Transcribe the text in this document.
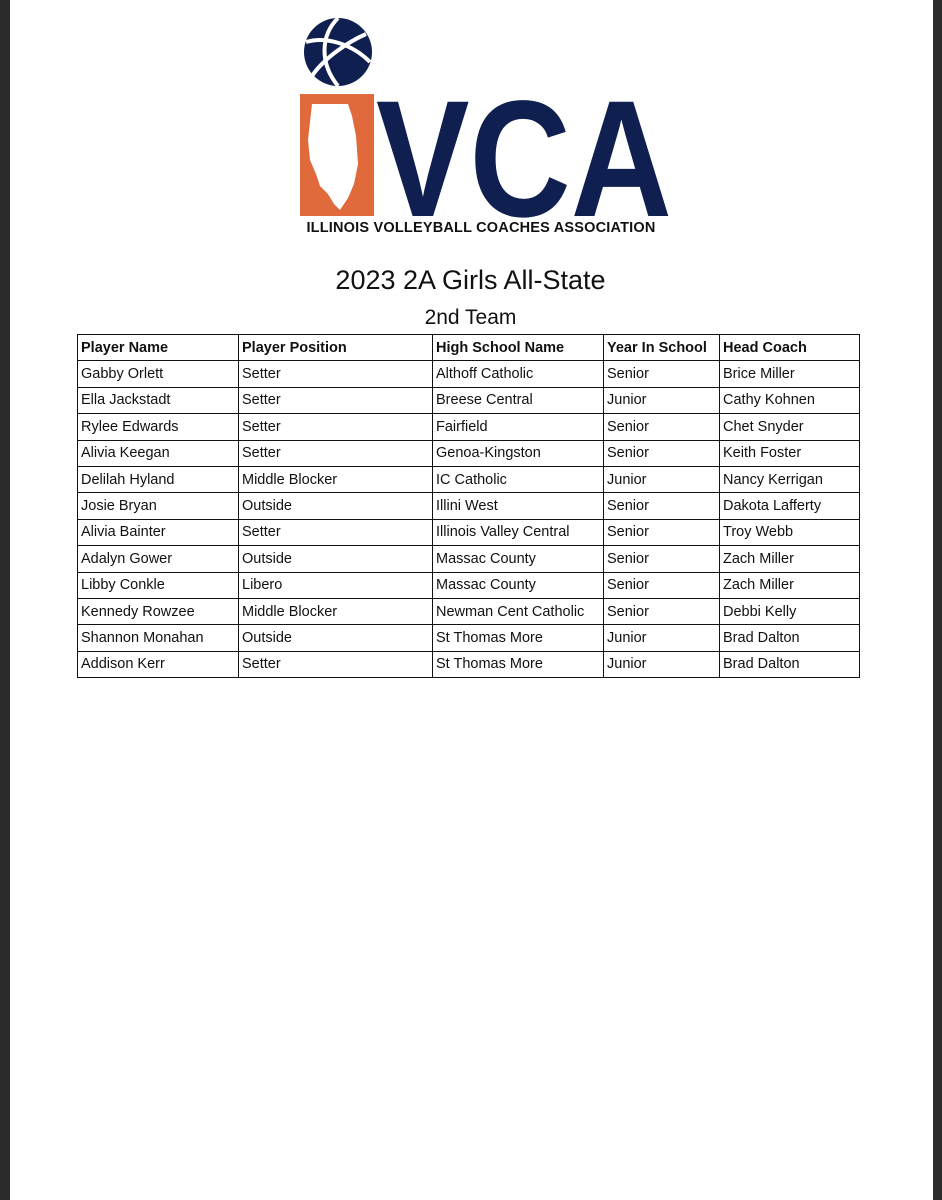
VCA
ILLINOIS VOLLEYBALL COACHES ASSOCIATION
2023 2A Girls All-State
2nd Team
Player Name	Player Position	High School Name	Year In School	Head Coach
Gabby Orlett	Setter	Althoff Catholic	Senior	Brice Miller
Ella Jackstadt	Setter	Breese Central	Junior	Cathy Kohnen
Rylee Edwards	Setter	Fairfield	Senior	Chet Snyder
Alivia Keegan	Setter	Genoa-Kingston	Senior	Keith Foster
Delilah Hyland	Middle Blocker	IC Catholic	Junior	Nancy Kerrigan
Josie Bryan	Outside	Illini West	Senior	Dakota Lafferty
Alivia Bainter	Setter	Illinois Valley Central	Senior	Troy Webb
Adalyn Gower	Outside	Massac County	Senior	Zach Miller
Libby Conkle	Libero	Massac County	Senior	Zach Miller
Kennedy Rowzee	Middle Blocker	Newman Cent Catholic	Senior	Debbi Kelly
Shannon Monahan	Outside	St Thomas More	Junior	Brad Dalton
Addison Kerr	Setter	St Thomas More	Junior	Brad Dalton
